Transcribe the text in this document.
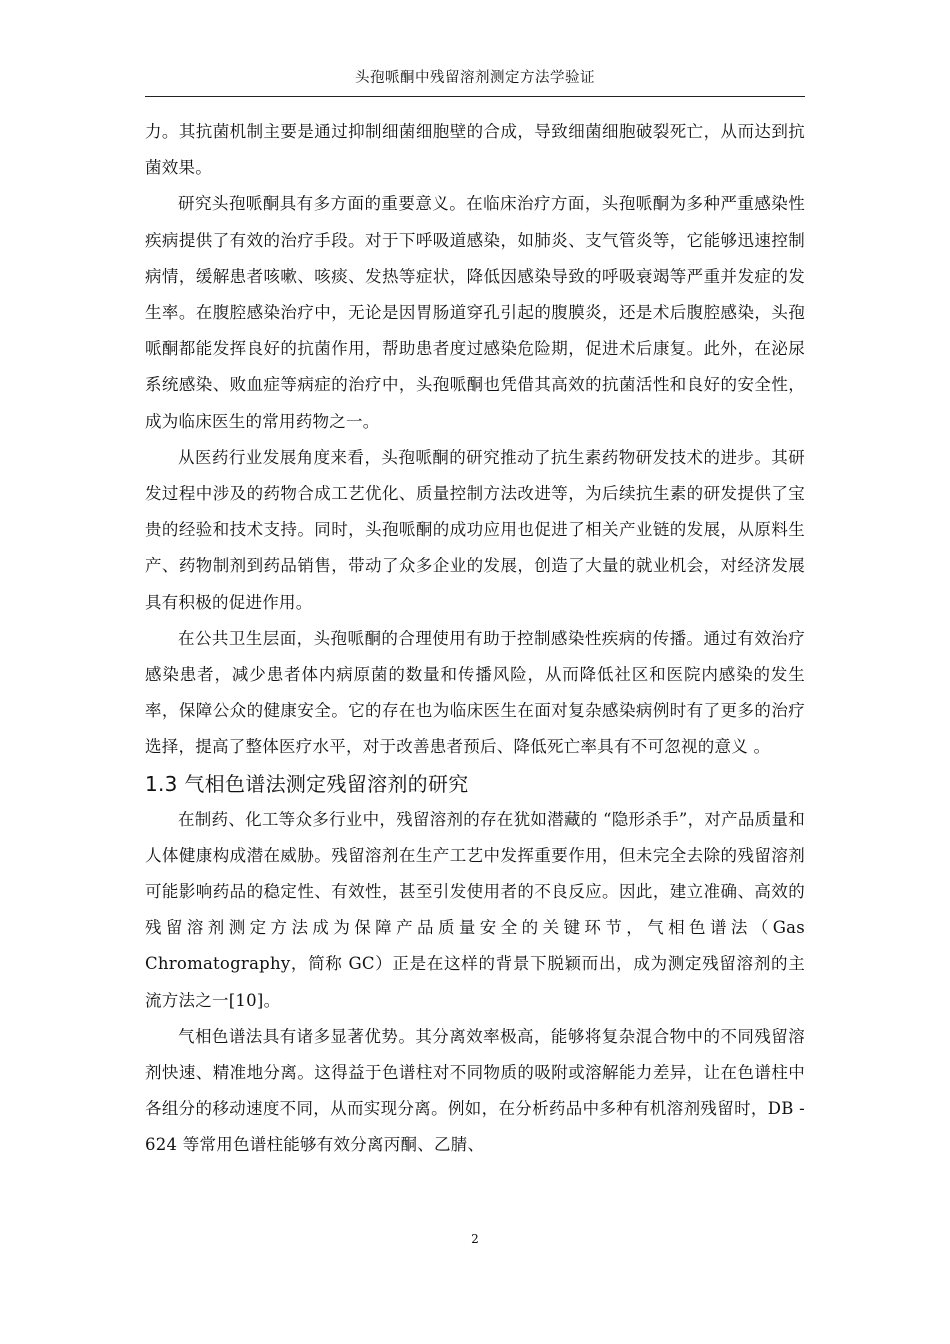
头孢哌酮中残留溶剂测定方法学验证

力。其抗菌机制主要是通过抑制细菌细胞壁的合成，导致细菌细胞破裂死亡，从而达到抗菌效果。

研究头孢哌酮具有多方面的重要意义。在临床治疗方面，头孢哌酮为多种严重感染性疾病提供了有效的治疗手段。对于下呼吸道感染，如肺炎、支气管炎等，它能够迅速控制病情，缓解患者咳嗽、咳痰、发热等症状，降低因感染导致的呼吸衰竭等严重并发症的发生率。在腹腔感染治疗中，无论是因胃肠道穿孔引起的腹膜炎，还是术后腹腔感染，头孢哌酮都能发挥良好的抗菌作用，帮助患者度过感染危险期，促进术后康复。此外，在泌尿系统感染、败血症等病症的治疗中，头孢哌酮也凭借其高效的抗菌活性和良好的安全性，成为临床医生的常用药物之一。

从医药行业发展角度来看，头孢哌酮的研究推动了抗生素药物研发技术的进步。其研发过程中涉及的药物合成工艺优化、质量控制方法改进等，为后续抗生素的研发提供了宝贵的经验和技术支持。同时，头孢哌酮的成功应用也促进了相关产业链的发展，从原料生产、药物制剂到药品销售，带动了众多企业的发展，创造了大量的就业机会，对经济发展具有积极的促进作用。

在公共卫生层面，头孢哌酮的合理使用有助于控制感染性疾病的传播。通过有效治疗感染患者，减少患者体内病原菌的数量和传播风险，从而降低社区和医院内感染的发生率，保障公众的健康安全。它的存在也为临床医生在面对复杂感染病例时有了更多的治疗选择，提高了整体医疗水平，对于改善患者预后、降低死亡率具有不可忽视的意义 。

1.3 气相色谱法测定残留溶剂的研究

在制药、化工等众多行业中，残留溶剂的存在犹如潜藏的 “隐形杀手”，对产品质量和人体健康构成潜在威胁。残留溶剂在生产工艺中发挥重要作用，但未完全去除的残留溶剂可能影响药品的稳定性、有效性，甚至引发使用者的不良反应。因此，建立准确、高效的残留溶剂测定方法成为保障产品质量安全的关键环节，气相色谱法（Gas Chromatography，简称 GC）正是在这样的背景下脱颖而出，成为测定残留溶剂的主流方法之一[10]。

气相色谱法具有诸多显著优势。其分离效率极高，能够将复杂混合物中的不同残留溶剂快速、精准地分离。这得益于色谱柱对不同物质的吸附或溶解能力差异，让在色谱柱中各组分的移动速度不同，从而实现分离。例如，在分析药品中多种有机溶剂残留时，DB - 624 等常用色谱柱能够有效分离丙酮、乙腈、

2
